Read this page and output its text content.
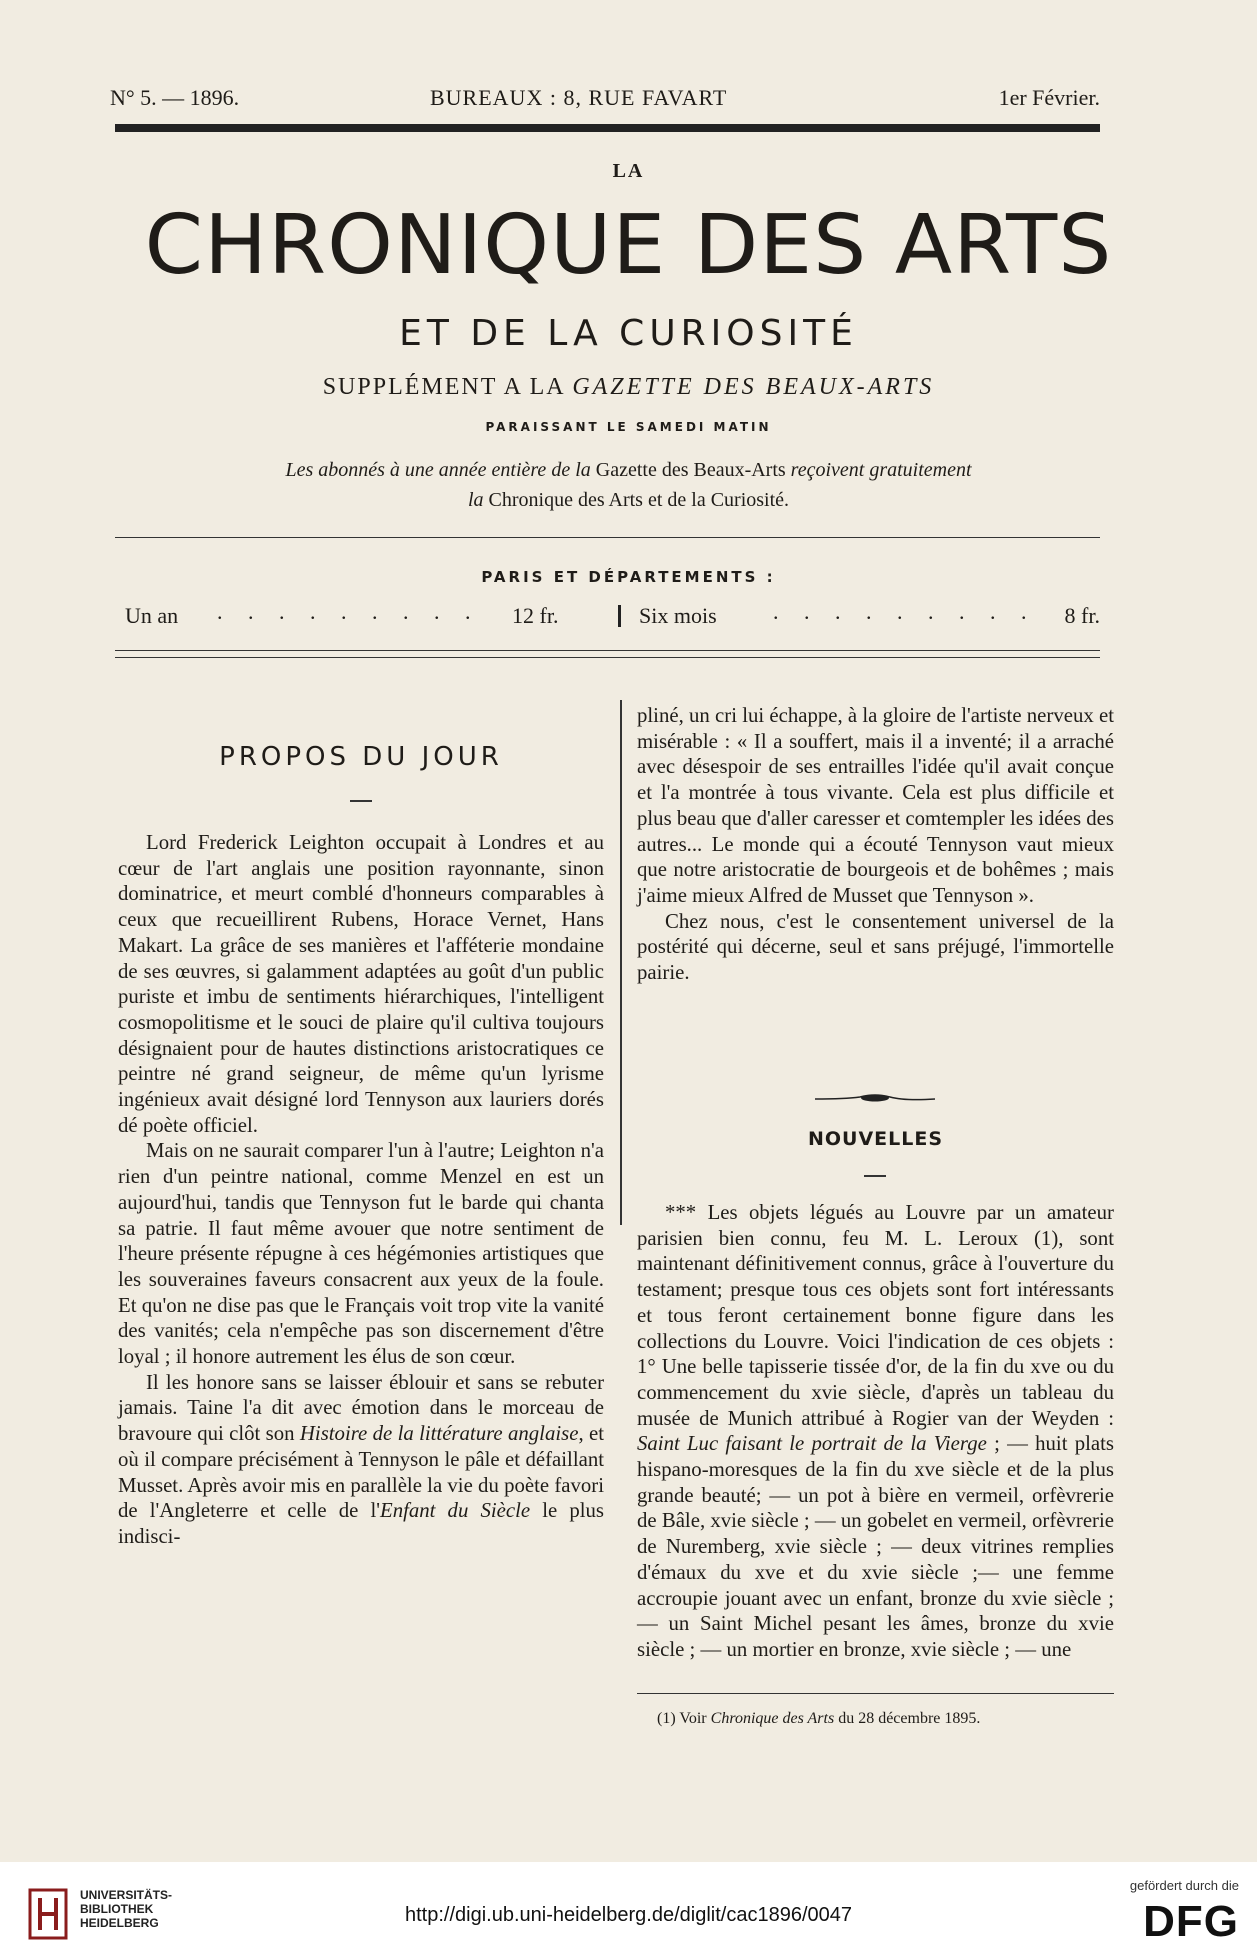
N° 5. — 1896.	BUREAUX : 8, RUE FAVART	1er Février.
LA
CHRONIQUE DES ARTS
ET DE LA CURIOSITÉ
SUPPLÉMENT A LA GAZETTE DES BEAUX-ARTS
PARAISSANT LE SAMEDI MATIN
Les abonnés à une année entière de la Gazette des Beaux-Arts reçoivent gratuitement
la Chronique des Arts et de la Curiosité.
PARIS ET DÉPARTEMENTS :
Un an . . . . . . . . . 12 fr.	Six mois	. . . . . . . . . 8 fr.
PROPOS DU JOUR

Lord Frederick Leighton occupait à Londres et au cœur de l'art anglais une position rayonnante, sinon dominatrice, et meurt comblé d'honneurs comparables à ceux que recueillirent Rubens, Horace Vernet, Hans Makart. La grâce de ses manières et l'afféterie mondaine de ses œuvres, si galamment adaptées au goût d'un public puriste et imbu de sentiments hiérarchiques, l'intelligent cosmopolitisme et le souci de plaire qu'il cultiva toujours désignaient pour de hautes distinctions aristocratiques ce peintre né grand seigneur, de même qu'un lyrisme ingénieux avait désigné lord Tennyson aux lauriers dorés dé poète officiel.

Mais on ne saurait comparer l'un à l'autre; Leighton n'a rien d'un peintre national, comme Menzel en est un aujourd'hui, tandis que Tennyson fut le barde qui chanta sa patrie. Il faut même avouer que notre sentiment de l'heure présente répugne à ces hégémonies artistiques que les souveraines faveurs consacrent aux yeux de la foule. Et qu'on ne dise pas que le Français voit trop vite la vanité des vanités; cela n'empêche pas son discernement d'être loyal ; il honore autrement les élus de son cœur.

Il les honore sans se laisser éblouir et sans se rebuter jamais. Taine l'a dit avec émotion dans le morceau de bravoure qui clôt son Histoire de la littérature anglaise, et où il compare précisément à Tennyson le pâle et défaillant Musset. Après avoir mis en parallèle la vie du poète favori de l'Angleterre et celle de l'Enfant du Siècle le plus indisci-

pliné, un cri lui échappe, à la gloire de l'artiste nerveux et misérable : « Il a souffert, mais il a inventé; il a arraché avec désespoir de ses entrailles l'idée qu'il avait conçue et l'a montrée à tous vivante. Cela est plus difficile et plus beau que d'aller caresser et comtempler les idées des autres... Le monde qui a écouté Tennyson vaut mieux que notre aristocratie de bourgeois et de bohêmes ; mais j'aime mieux Alfred de Musset que Tennyson ».

Chez nous, c'est le consentement universel de la postérité qui décerne, seul et sans préjugé, l'immortelle pairie.

NOUVELLES

*** Les objets légués au Louvre par un amateur parisien bien connu, feu M. L. Leroux (1), sont maintenant définitivement connus, grâce à l'ouverture du testament; presque tous ces objets sont fort intéressants et tous feront certainement bonne figure dans les collections du Louvre. Voici l'indication de ces objets : 1° Une belle tapisserie tissée d'or, de la fin du xve ou du commencement du xvie siècle, d'après un tableau du musée de Munich attribué à Rogier van der Weyden : Saint Luc faisant le portrait de la Vierge ; — huit plats hispano-moresques de la fin du xve siècle et de la plus grande beauté; — un pot à bière en vermeil, orfèvrerie de Bâle, xvie siècle ; — un gobelet en vermeil, orfèvrerie de Nuremberg, xvie siècle ; — deux vitrines remplies d'émaux du xve et du xvie siècle ;— une femme accroupie jouant avec un enfant, bronze du xvie siècle ; — un Saint Michel pesant les âmes, bronze du xvie siècle ; — un mortier en bronze, xvie siècle ; — une

(1) Voir Chronique des Arts du 28 décembre 1895.
UNIVERSITÄTS-
BIBLIOTHEK
HEIDELBERG	http://digi.ub.uni-heidelberg.de/diglit/cac1896/0047
gefördert durch die
DFG
